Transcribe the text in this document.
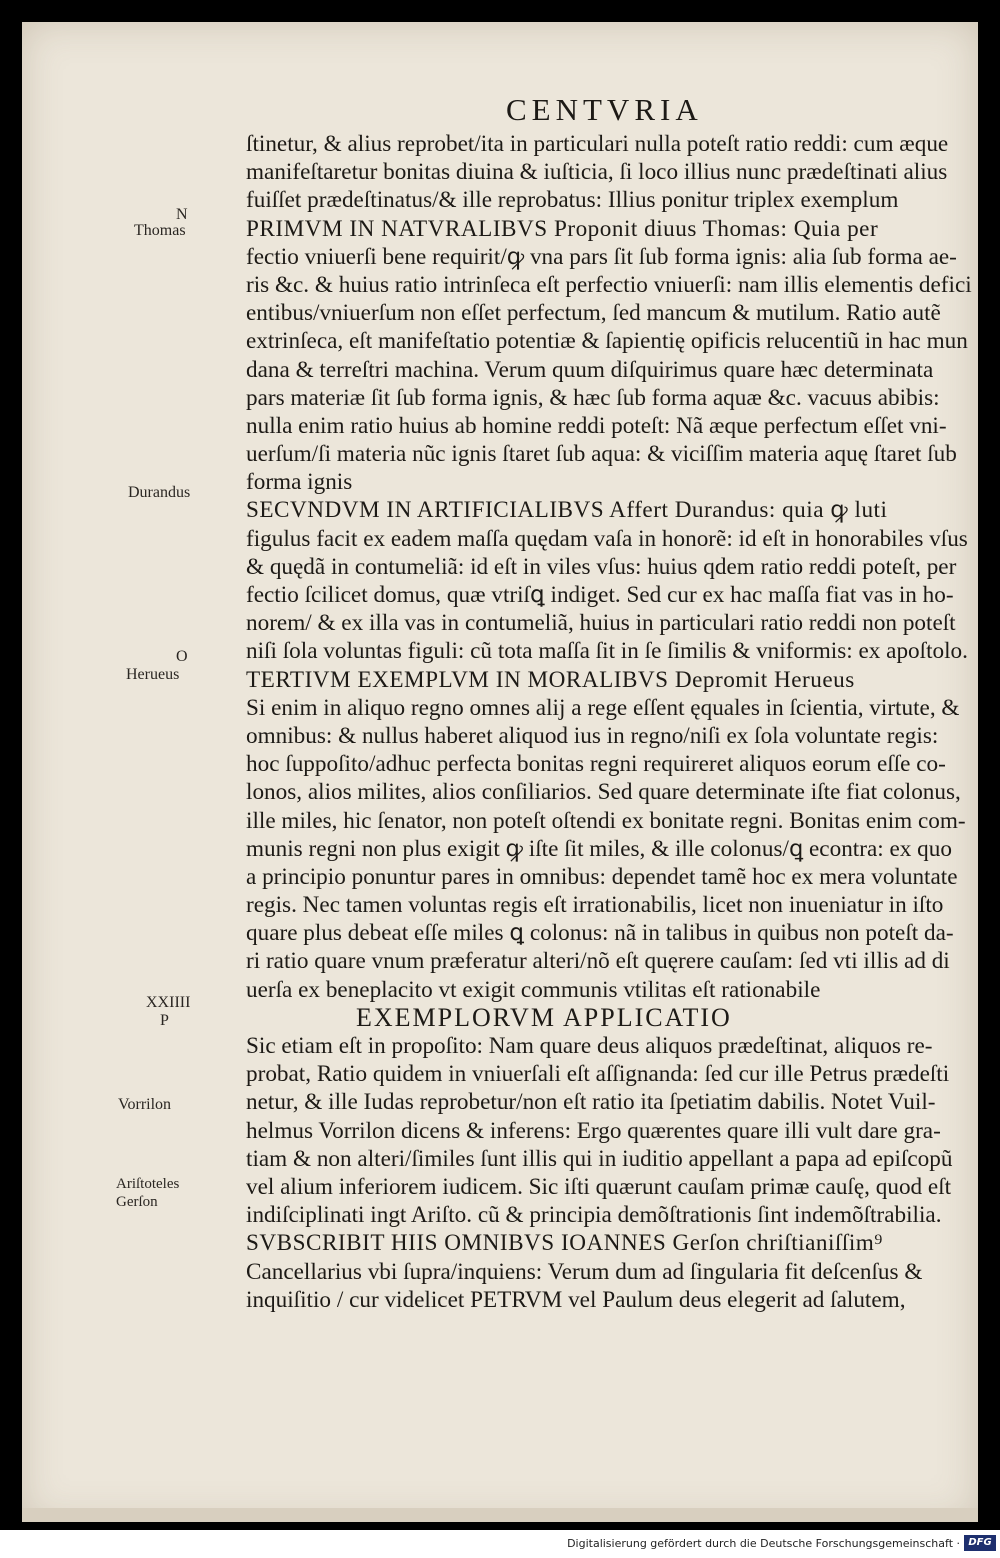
CENTVRIA
N
Thomas
Durandus
O
Herueus
XXIIII
P
Vorrilon
Ariſtoteles
Gerſon
ſtinetur, & alius reprobet/ita in particulari nulla poteſt ratio reddi: cum æque
manifeſtaretur bonitas diuina & iuſticia, ſi loco illius nunc prædeſtinati alius
fuiſſet prædeſtinatus/& ille reprobatus: Illius ponitur triplex exemplum
PRIMVM IN NATVRALIBVS Proponit diuus Thomas: Quia per
fectio vniuerſi bene requirit/ꝙ vna pars ſit ſub forma ignis: alia ſub forma ae-
ris &c. & huius ratio intrinſeca eſt perfectio vniuerſi: nam illis elementis defici
entibus/vniuerſum non eſſet perfectum, ſed mancum & mutilum. Ratio autẽ
extrinſeca, eſt manifeſtatio potentiæ & ſapientię opificis relucentiũ in hac mun
dana & terreſtri machina. Verum quum diſquirimus quare hæc determinata
pars materiæ ſit ſub forma ignis, & hæc ſub forma aquæ &c. vacuus abibis:
nulla enim ratio huius ab homine reddi poteſt: Nã æque perfectum eſſet vni-
uerſum/ſi materia nũc ignis ſtaret ſub aqua: & viciſſim materia aquę ſtaret ſub
forma ignis
SECVNDVM IN ARTIFICIALIBVS Affert Durandus: quia ꝙ luti
figulus facit ex eadem maſſa quędam vaſa in honorẽ: id eſt in honorabiles vſus
& quędã in contumeliã: id eſt in viles vſus: huius qdem ratio reddi poteſt, per
fectio ſcilicet domus, quæ vtriſꝗ indiget. Sed cur ex hac maſſa fiat vas in ho-
norem/ & ex illa vas in contumeliã, huius in particulari ratio reddi non poteſt
niſi ſola voluntas figuli: cũ tota maſſa ſit in ſe ſimilis & vniformis: ex apoſtolo.
TERTIVM EXEMPLVM IN MORALIBVS Depromit Herueus
Si enim in aliquo regno omnes alij a rege eſſent ęquales in ſcientia, virtute, &
omnibus: & nullus haberet aliquod ius in regno/niſi ex ſola voluntate regis:
hoc ſuppoſito/adhuc perfecta bonitas regni requireret aliquos eorum eſſe co-
lonos, alios milites, alios conſiliarios. Sed quare determinate iſte fiat colonus,
ille miles, hic ſenator, non poteſt oſtendi ex bonitate regni. Bonitas enim com-
munis regni non plus exigit ꝙ iſte ſit miles, & ille colonus/ꝗ econtra: ex quo
a principio ponuntur pares in omnibus: dependet tamẽ hoc ex mera voluntate
regis. Nec tamen voluntas regis eſt irrationabilis, licet non inueniatur in iſto
quare plus debeat eſſe miles ꝗ colonus: nã in talibus in quibus non poteſt da-
ri ratio quare vnum præferatur alteri/nõ eſt quęrere cauſam: ſed vti illis ad di
uerſa ex beneplacito vt exigit communis vtilitas eſt rationabile
EXEMPLORVM APPLICATIO
Sic etiam eſt in propoſito: Nam quare deus aliquos prædeſtinat, aliquos re-
probat, Ratio quidem in vniuerſali eſt aſſignanda: ſed cur ille Petrus prædeſti
netur, & ille Iudas reprobetur/non eſt ratio ita ſpetiatim dabilis. Notet Vuil-
helmus Vorrilon dicens & inferens: Ergo quærentes quare illi vult dare gra-
tiam & non alteri/ſimiles ſunt illis qui in iuditio appellant a papa ad epiſcopũ
vel alium inferiorem iudicem. Sic iſti quærunt cauſam primæ cauſę, quod eſt
indiſciplinati ingt Ariſto. cũ & principia demõſtrationis ſint indemõſtrabilia.
SVBSCRIBIT HIIS OMNIBVS IOANNES Gerſon chriſtianiſſim⁹
Cancellarius vbi ſupra/inquiens: Verum dum ad ſingularia fit deſcenſus &
inquiſitio / cur videlicet PETRVM vel Paulum deus elegerit ad ſalutem,
Digitalisierung gefördert durch die Deutsche Forschungsgemeinschaft · DFG
